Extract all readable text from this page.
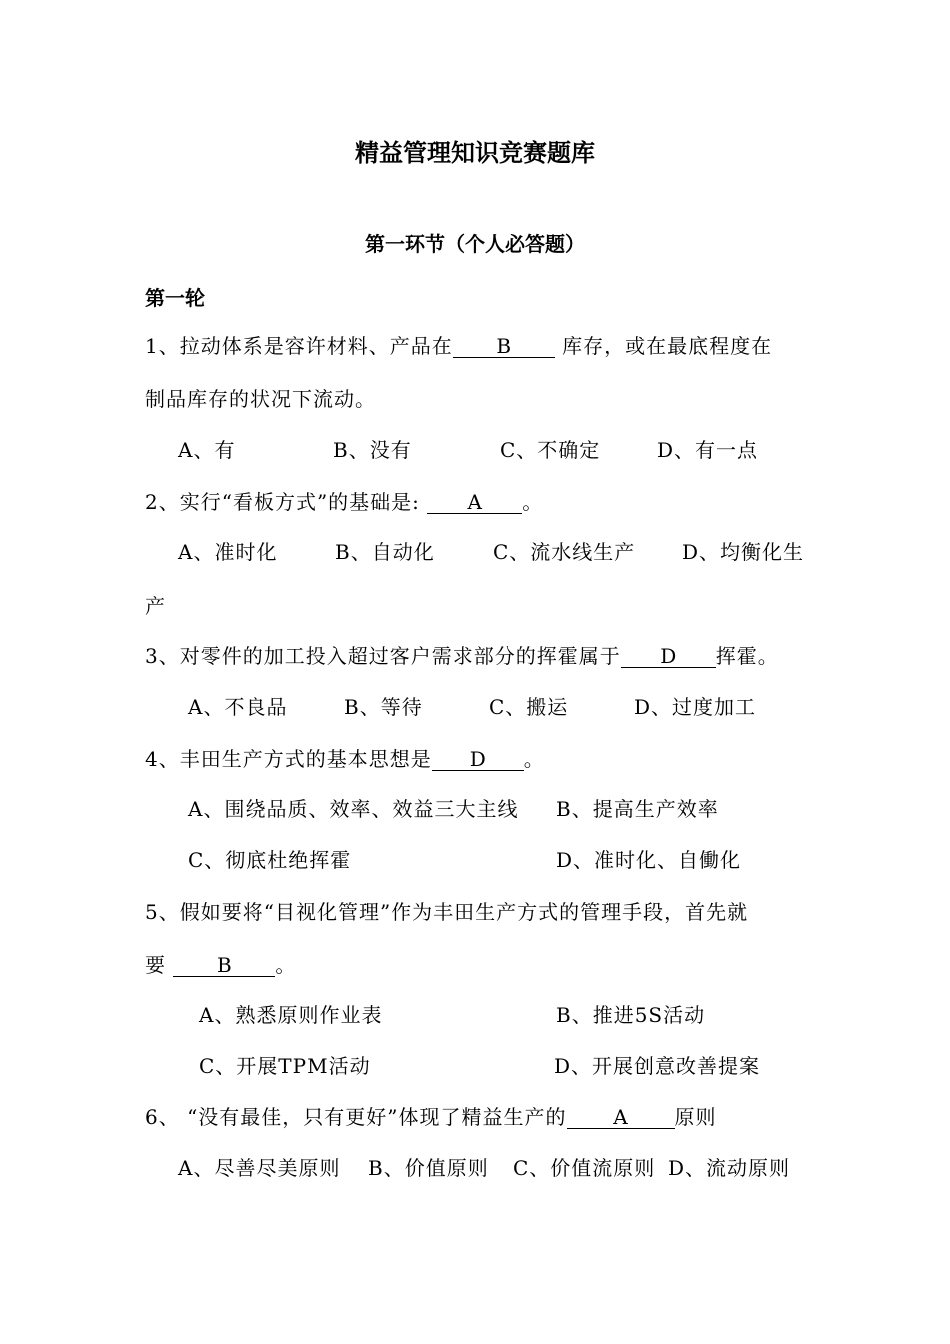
精益管理知识竞赛题库
第一环节（个人必答题）
第一轮
1、拉动体系是容许材料、产品在 B 库存，或在最底程度在
制品库存的状况下流动。
A、有	B、没有	C、不确定	D、有一点
2、实行“看板方式”的基础是: A 。
A、准时化	B、自动化	C、流水线生产 D、均衡化生
产
3、对零件的加工投入超过客户需求部分的挥霍属于 D 挥霍。
A、不良品	B、等待	C、搬运	D、过度加工
4、丰田生产方式的基本思想是 D 。
A、围绕品质、效率、效益三大主线 B、提高生产效率
C、彻底杜绝挥霍	D、准时化、自働化
5、假如要将“目视化管理”作为丰田生产方式的管理手段，首先就
要 B 。
A、熟悉原则作业表	B、推进5S活动
C、开展TPM活动	D、开展创意改善提案
6、 “没有最佳，只有更好”体现了精益生产的 A 原则
A、尽善尽美原则 B、价值原则 C、价值流原则 D、流动原则
